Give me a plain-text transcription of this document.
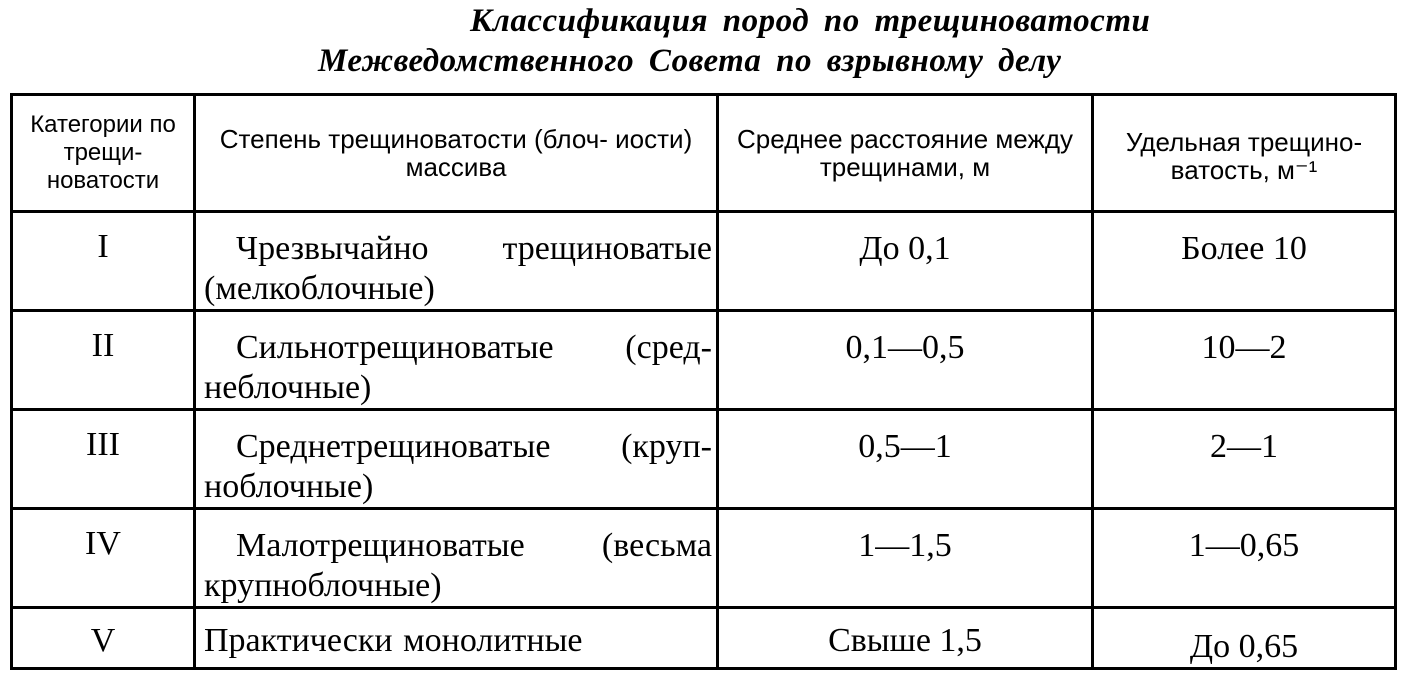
Классификация пород по трещиноватости

Межведомственного Совета по взрывному делу

Категории по трещи- новатости	Степень трещиноватости (блоч- иости) массива	Среднее расстояние между трещинами, м	Удельная трещино- ватость, м⁻¹
I	Чрезвычайно трещиноватые (мелкоблочные)	До 0,1	Более 10
II	Сильнотрещиноватые (сред- неблочные)	0,1—0,5	10—2
III	Среднетрещиноватые (круп- ноблочные)	0,5—1	2—1
IV	Малотрещиноватые (весьма крупноблочные)	1—1,5	1—0,65
V	Практически монолитные	Свыше 1,5	До 0,65
